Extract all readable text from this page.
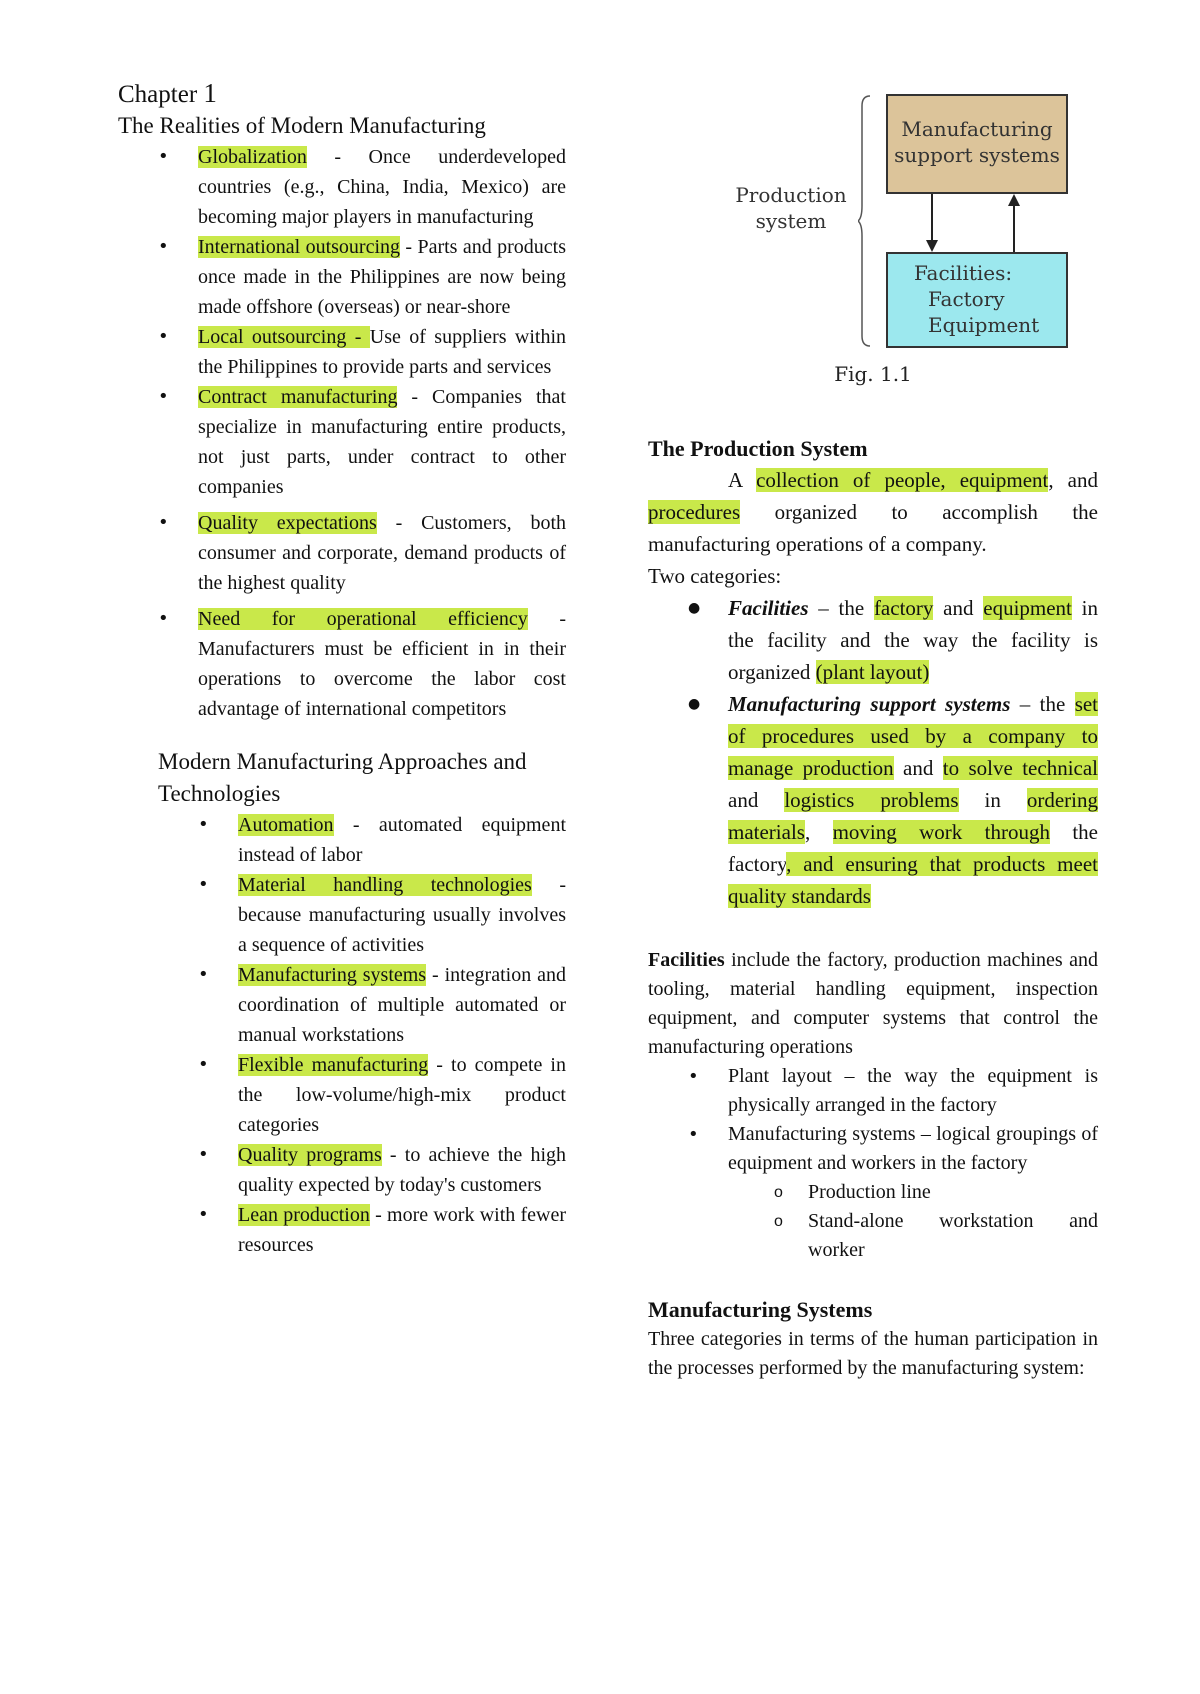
Chapter 1

The Realities of Modern Manufacturing

• Globalization - Once underdeveloped countries (e.g., China, India, Mexico) are becoming major players in manufacturing
• International outsourcing - Parts and products once made in the Philippines are now being made offshore (overseas) or near-shore
• Local outsourcing - Use of suppliers within the Philippines to provide parts and services
• Contract manufacturing - Companies that specialize in manufacturing entire products, not just parts, under contract to other companies
• Quality expectations - Customers, both consumer and corporate, demand products of the highest quality
• Need for operational efficiency - Manufacturers must be efficient in in their operations to overcome the labor cost advantage of international competitors

Modern Manufacturing Approaches and Technologies

• Automation - automated equipment instead of labor
• Material handling technologies - because manufacturing usually involves a sequence of activities
• Manufacturing systems - integration and coordination of multiple automated or manual workstations
• Flexible manufacturing - to compete in the low-volume/high-mix product categories
• Quality programs - to achieve the high quality expected by today's customers
• Lean production - more work with fewer resources
Production
system
Manufacturing
support systems
Facilities:
Factory
Equipment
Fig. 1.1

The Production System

A collection of people, equipment, and procedures organized to accomplish the manufacturing operations of a company.

Two categories:

● Facilities – the factory and equipment in the facility and the way the facility is organized (plant layout)
● Manufacturing support systems – the set of procedures used by a company to manage production and to solve technical and logistics problems in ordering materials, moving work through the factory, and ensuring that products meet quality standards

Facilities include the factory, production machines and tooling, material handling equipment, inspection equipment, and computer systems that control the manufacturing operations

• Plant layout – the way the equipment is physically arranged in the factory
• Manufacturing systems – logical groupings of equipment and workers in the factory
o Production line
o Stand-alone workstation and worker

Manufacturing Systems

Three categories in terms of the human participation in the processes performed by the manufacturing system:
